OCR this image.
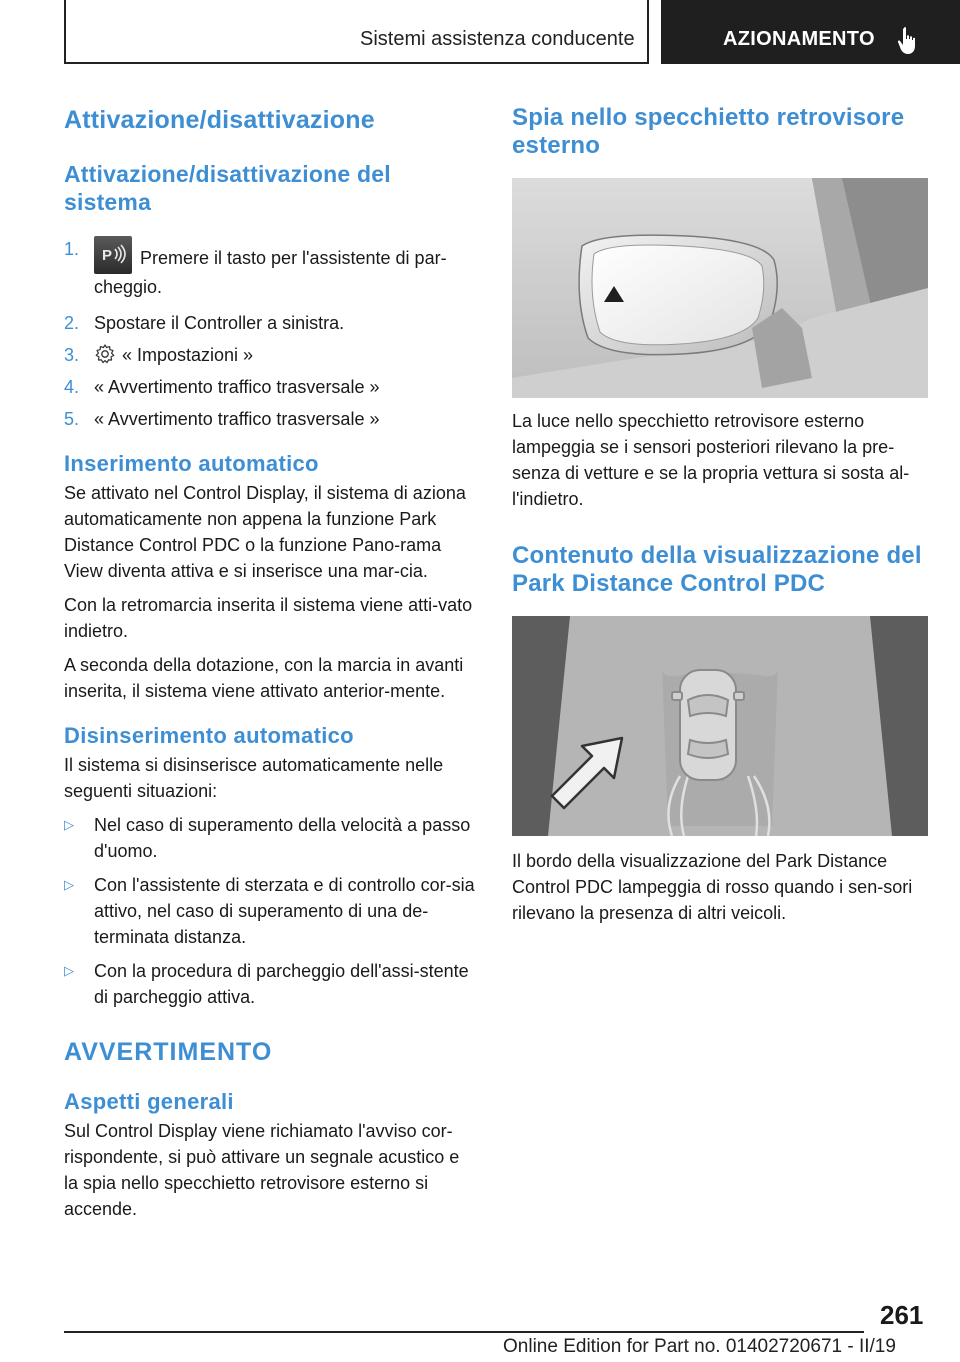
Sistemi assistenza conducente	AZIONAMENTO
Attivazione/disattivazione
Attivazione/disattivazione del sistema
1. P Premere il tasto per l'assistente di par‐cheggio.
2. Spostare il Controller a sinistra.
3. « Impostazioni »
4. « Avvertimento traffico trasversale »
5. « Avvertimento traffico trasversale »
Inserimento automatico

Se attivato nel Control Display, il sistema di aziona automaticamente non appena la funzione Park Distance Control PDC o la funzione Pano‐rama View diventa attiva e si inserisce una mar‐cia.

Con la retromarcia inserita il sistema viene atti‐vato indietro.

A seconda della dotazione, con la marcia in avanti inserita, il sistema viene attivato anterior‐mente.

Disinserimento automatico

Il sistema si disinserisce automaticamente nelle seguenti situazioni:

▷ Nel caso di superamento della velocità a passo d'uomo.
▷ Con l'assistente di sterzata e di controllo cor‐sia attivo, nel caso di superamento di una de‐terminata distanza.
▷ Con la procedura di parcheggio dell'assi‐stente di parcheggio attiva.
AVVERTIMENTO
Aspetti generali

Sul Control Display viene richiamato l'avviso cor‐rispondente, si può attivare un segnale acustico e la spia nello specchietto retrovisore esterno si accende.

Spia nello specchietto retrovisore esterno

La luce nello specchietto retrovisore esterno lampeggia se i sensori posteriori rilevano la pre‐senza di vetture e se la propria vettura si sosta al‐l'indietro.

Contenuto della visualizzazione del Park Distance Control PDC

Il bordo della visualizzazione del Park Distance Control PDC lampeggia di rosso quando i sen‐sori rilevano la presenza di altri veicoli.

261
Online Edition for Part no. 01402720671 - II/19
